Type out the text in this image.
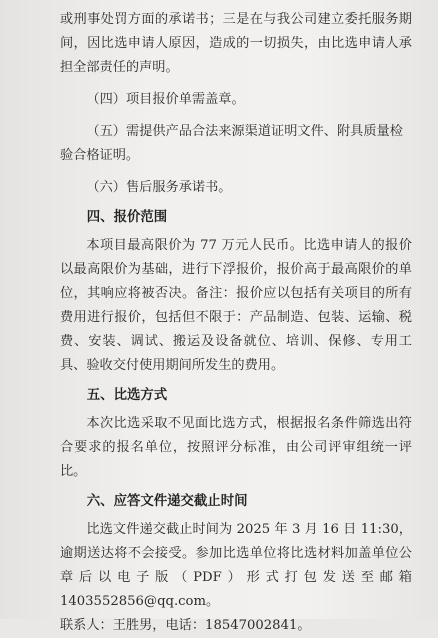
或刑事处罚方面的承诺书；三是在与我公司建立委托服务期间，因比选申请人原因，造成的一切损失，由比选申请人承担全部责任的声明。

（四）项目报价单需盖章。

（五）需提供产品合法来源渠道证明文件、附具质量检验合格证明。

（六）售后服务承诺书。

四、报价范围

本项目最高限价为 77 万元人民币。比选申请人的报价以最高限价为基础，进行下浮报价，报价高于最高限价的单位，其响应将被否决。备注：报价应以包括有关项目的所有费用进行报价，包括但不限于：产品制造、包装、运输、税费、安装、调试、搬运及设备就位、培训、保修、专用工具、验收交付使用期间所发生的费用。

五、比选方式

本次比选采取不见面比选方式，根据报名条件筛选出符合要求的报名单位，按照评分标准，由公司评审组统一评比。

六、应答文件递交截止时间

比选文件递交截止时间为 2025 年 3 月 16 日 11:30，逾期送达将不会接受。参加比选单位将比选材料加盖单位公章后以电子版（PDF）形式打包发送至邮箱 1403552856@qq.com。

联系人：王胜男，电话：18547002841。
